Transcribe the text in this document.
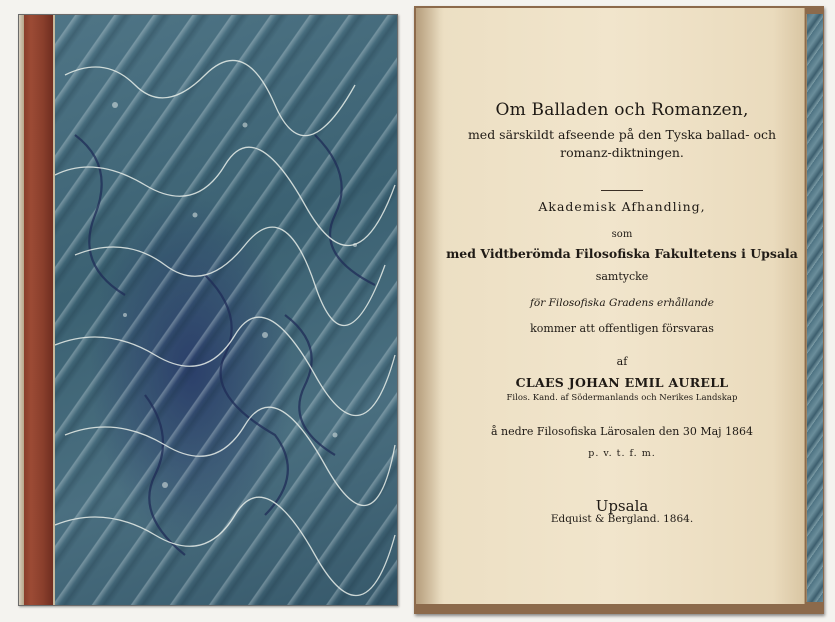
Om Balladen och Romanzen,
med särskildt afseende på den Tyska ballad- och
romanz-diktningen.
Akademisk Afhandling,
som
med Vidtberömda Filosofiska Fakultetens i Upsala
samtycke
för Filosofiska Gradens erhållande
kommer att offentligen försvaras
af
CLAES JOHAN EMIL AURELL
Filos. Kand. af Södermanlands och Nerikes Landskap
å nedre Filosofiska Lärosalen den 30 Maj 1864
p. v. t. f. m.
Upsala
Edquist & Bergland. 1864.
